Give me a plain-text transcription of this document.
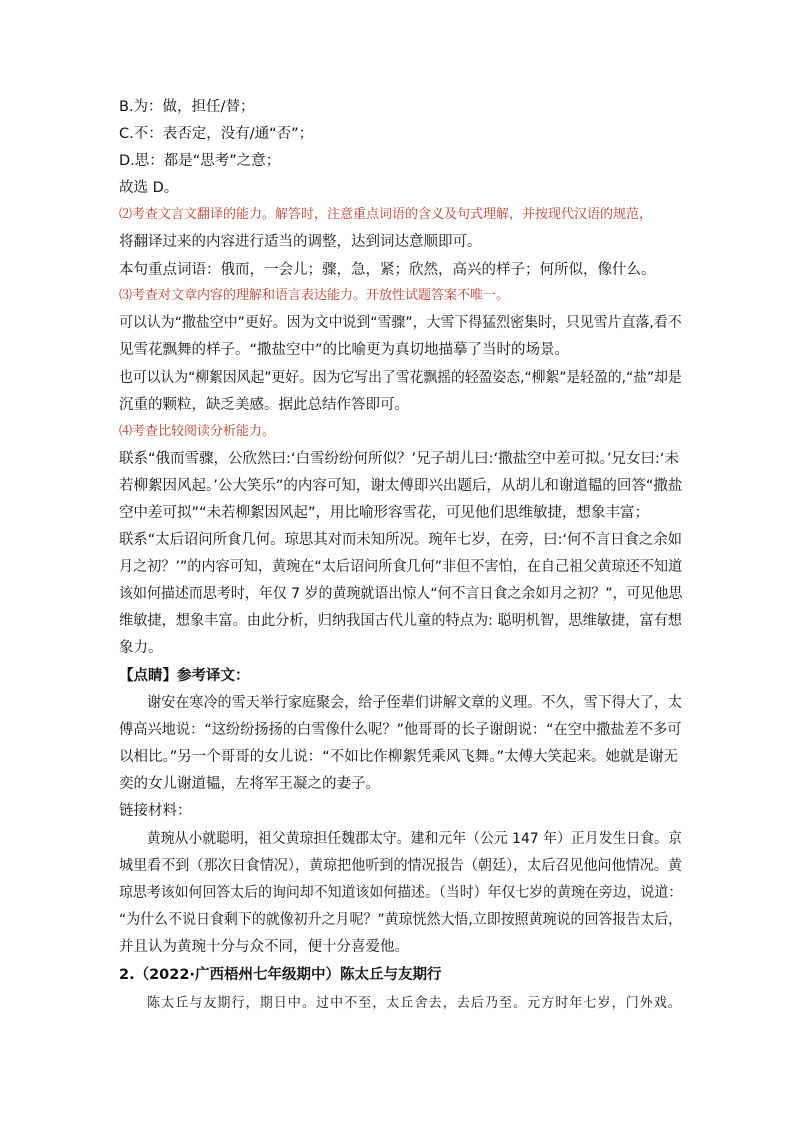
B.为：做，担任/替；
C.不：表否定，没有/通“否”；
D.思：都是“思考”之意；
故选 D。
⑵考查文言文翻译的能力。解答时，注意重点词语的含义及句式理解，并按现代汉语的规范，
将翻译过来的内容进行适当的调整，达到词达意顺即可。
本句重点词语：俄而，一会儿；骤，急，紧；欣然，高兴的样子；何所似，像什么。
⑶考查对文章内容的理解和语言表达能力。开放性试题答案不唯一。
可以认为“撒盐空中”更好。因为文中说到“雪骤”，大雪下得猛烈密集时，只见雪片直落,看不
见雪花飘舞的样子。“撒盐空中”的比喻更为真切地描摹了当时的场景。
也可以认为“柳絮因风起”更好。因为它写出了雪花飘摇的轻盈姿态,“柳絮”是轻盈的,“盐”却是
沉重的颗粒，缺乏美感。据此总结作答即可。
⑷考查比较阅读分析能力。
联系“俄而雪骤，公欣然曰:‘白雪纷纷何所似？’兄子胡儿曰:‘撒盐空中差可拟。’兄女曰:‘未
若柳絮因风起。’公大笑乐”的内容可知，谢太傅即兴出题后，从胡儿和谢道韫的回答“撒盐
空中差可拟”“未若柳絮因风起”，用比喻形容雪花，可见他们思维敏捷，想象丰富；
联系“太后诏问所食几何。琼思其对而未知所况。琬年七岁，在旁，曰:‘何不言日食之余如
月之初？’”的内容可知，黄琬在“太后诏问所食几何”非但不害怕，在自己祖父黄琼还不知道
该如何描述而思考时，年仅 7 岁的黄琬就语出惊人“何不言日食之余如月之初？”，可见他思
维敏捷，想象丰富。由此分析，归纳我国古代儿童的特点为: 聪明机智，思维敏捷，富有想
象力。
【点睛】参考译文：
　　谢安在寒冷的雪天举行家庭聚会，给子侄辈们讲解文章的义理。不久，雪下得大了，太
傅高兴地说：“这纷纷扬扬的白雪像什么呢？”他哥哥的长子谢朗说：“在空中撒盐差不多可
以相比。”另一个哥哥的女儿说：“不如比作柳絮凭乘风飞舞。”太傅大笑起来。她就是谢无
奕的女儿谢道韫，左将军王凝之的妻子。
链接材料：
　　黄琬从小就聪明，祖父黄琼担任魏郡太守。建和元年（公元 147 年）正月发生日食。京
城里看不到（那次日食情况），黄琼把他听到的情况报告（朝廷），太后召见他问他情况。黄
琼思考该如何回答太后的询问却不知道该如何描述。（当时）年仅七岁的黄琬在旁边，说道：
“为什么不说日食剩下的就像初升之月呢？”黄琼恍然大悟,立即按照黄琬说的回答报告太后，
并且认为黄琬十分与众不同，便十分喜爱他。
2.（2022·广西梧州七年级期中）陈太丘与友期行
　　陈太丘与友期行，期日中。过中不至，太丘舍去，去后乃至。元方时年七岁，门外戏。
